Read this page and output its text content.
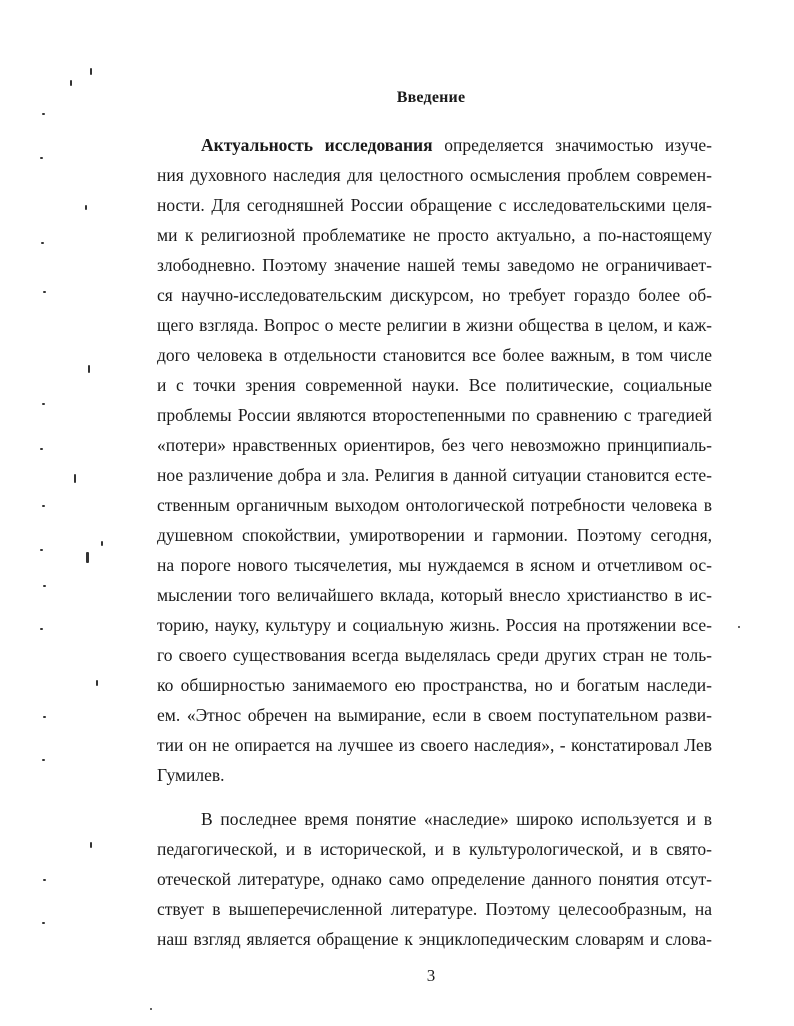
Введение
Актуальность исследования определяется значимостью изуче-
ния духовного наследия для целостного осмысления проблем современ-
ности. Для сегодняшней России обращение с исследовательскими целя-
ми к религиозной проблематике не просто актуально, а по-настоящему
злободневно. Поэтому значение нашей темы заведомо не ограничивает-
ся научно-исследовательским дискурсом, но требует гораздо более об-
щего взгляда. Вопрос о месте религии в жизни общества в целом, и каж-
дого человека в отдельности становится все более важным, в том числе
и с точки зрения современной науки. Все политические, социальные
проблемы России являются второстепенными по сравнению с трагедией
«потери» нравственных ориентиров, без чего невозможно принципиаль-
ное различение добра и зла. Религия в данной ситуации становится есте-
ственным органичным выходом онтологической потребности человека в
душевном спокойствии, умиротворении и гармонии. Поэтому сегодня,
на пороге нового тысячелетия, мы нуждаемся в ясном и отчетливом ос-
мыслении того величайшего вклада, который внесло христианство в ис-
торию, науку, культуру и социальную жизнь. Россия на протяжении все-
го своего существования всегда выделялась среди других стран не толь-
ко обширностью занимаемого ею пространства, но и богатым наследи-
ем. «Этнос обречен на вымирание, если в своем поступательном разви-
тии он не опирается на лучшее из своего наследия», - констатировал Лев
Гумилев.
В последнее время понятие «наследие» широко используется и в
педагогической, и в исторической, и в культурологической, и в свято-
отеческой литературе, однако само определение данного понятия отсут-
ствует в вышеперечисленной литературе. Поэтому целесообразным, на
наш взгляд является обращение к энциклопедическим словарям и слова-
3
